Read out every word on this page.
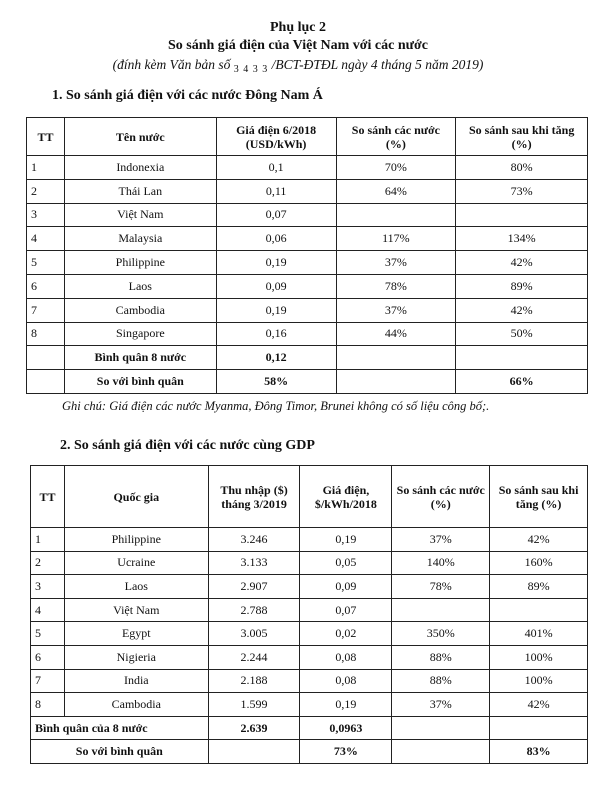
Phụ lục 2
So sánh giá điện của Việt Nam với các nước
(đính kèm Văn bản số $_{3 4 3 3}$ /BCT-ĐTĐL ngày 4 tháng 5 năm 2019)
1. So sánh giá điện với các nước Đông Nam Á
TT	Tên nước	Giá điện 6/2018 (USD/kWh)	So sánh các nước (%)	So sánh sau khi tăng (%)
1	Indonexia	0,1	70%	80%
2	Thái Lan	0,11	64%	73%
3	Việt Nam	0,07		
4	Malaysia	0,06	117%	134%
5	Philippine	0,19	37%	42%
6	Laos	0,09	78%	89%
7	Cambodia	0,19	37%	42%
8	Singapore	0,16	44%	50%
	Bình quân 8 nước	0,12		
	So với bình quân	58%		66%
Ghi chú: Giá điện các nước Myanma, Đông Timor, Brunei không có số liệu công bố;.
2. So sánh giá điện với các nước cùng GDP
TT	Quốc gia	Thu nhập ($) tháng 3/2019	Giá điện, $/kWh/2018	So sánh các nước (%)	So sánh sau khi tăng (%)
1	Philippine	3.246	0,19	37%	42%
2	Ucraine	3.133	0,05	140%	160%
3	Laos	2.907	0,09	78%	89%
4	Việt Nam	2.788	0,07		
5	Egypt	3.005	0,02	350%	401%
6	Nigieria	2.244	0,08	88%	100%
7	India	2.188	0,08	88%	100%
8	Cambodia	1.599	0,19	37%	42%
Bình quân của 8 nước		2.639	0,0963		
So với bình quân			73%		83%
